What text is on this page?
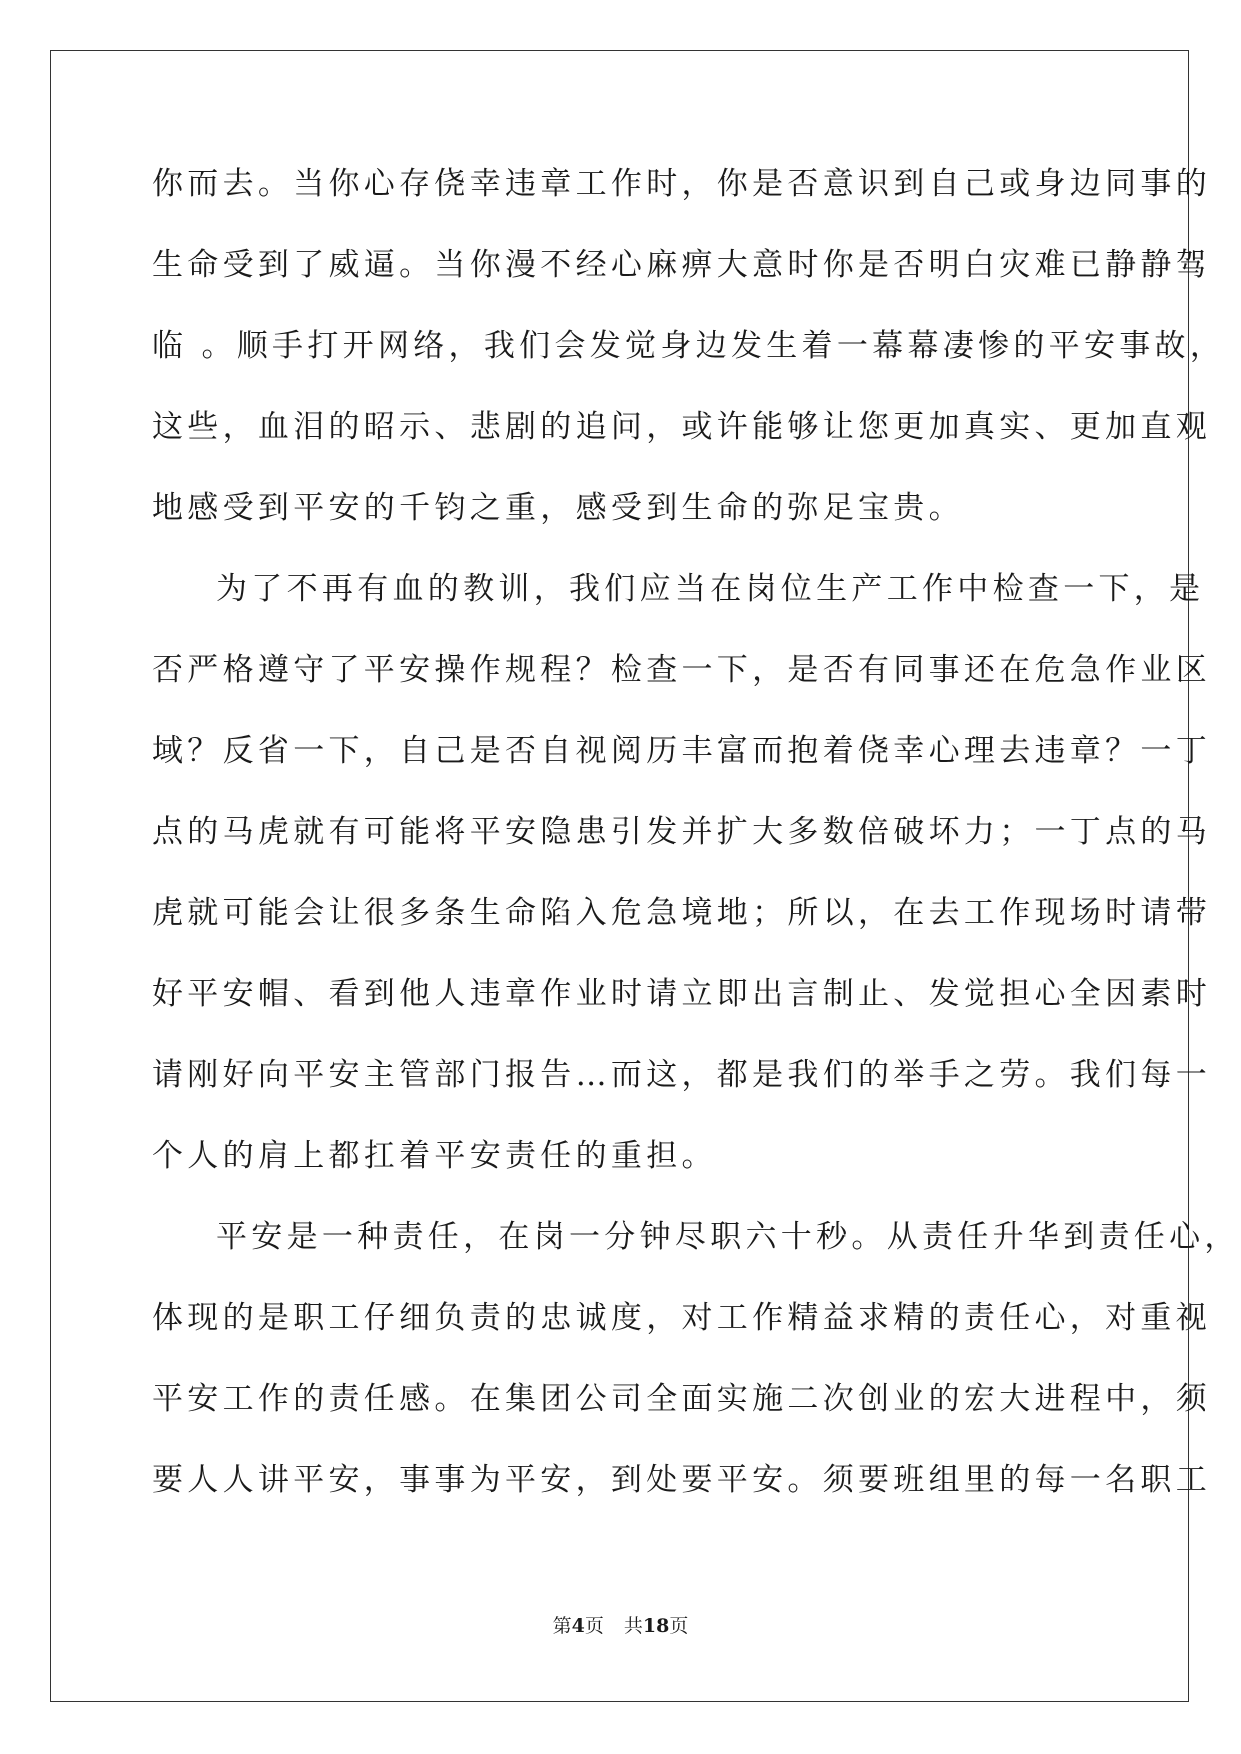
你而去。当你心存侥幸违章工作时，你是否意识到自己或身边同事的
生命受到了威逼。当你漫不经心麻痹大意时你是否明白灾难已静静驾
临 。顺手打开网络，我们会发觉身边发生着一幕幕凄惨的平安事故，
这些，血泪的昭示、悲剧的追问，或许能够让您更加真实、更加直观
地感受到平安的千钧之重，感受到生命的弥足宝贵。
为了不再有血的教训，我们应当在岗位生产工作中检查一下，是
否严格遵守了平安操作规程？检查一下，是否有同事还在危急作业区
域？反省一下，自己是否自视阅历丰富而抱着侥幸心理去违章？一丁
点的马虎就有可能将平安隐患引发并扩大多数倍破坏力；一丁点的马
虎就可能会让很多条生命陷入危急境地；所以，在去工作现场时请带
好平安帽、看到他人违章作业时请立即出言制止、发觉担心全因素时
请刚好向平安主管部门报告…而这，都是我们的举手之劳。我们每一
个人的肩上都扛着平安责任的重担。
平安是一种责任，在岗一分钟尽职六十秒。从责任升华到责任心，
体现的是职工仔细负责的忠诚度，对工作精益求精的责任心，对重视
平安工作的责任感。在集团公司全面实施二次创业的宏大进程中，须
要人人讲平安，事事为平安，到处要平安。须要班组里的每一名职工
第4页 共18页
